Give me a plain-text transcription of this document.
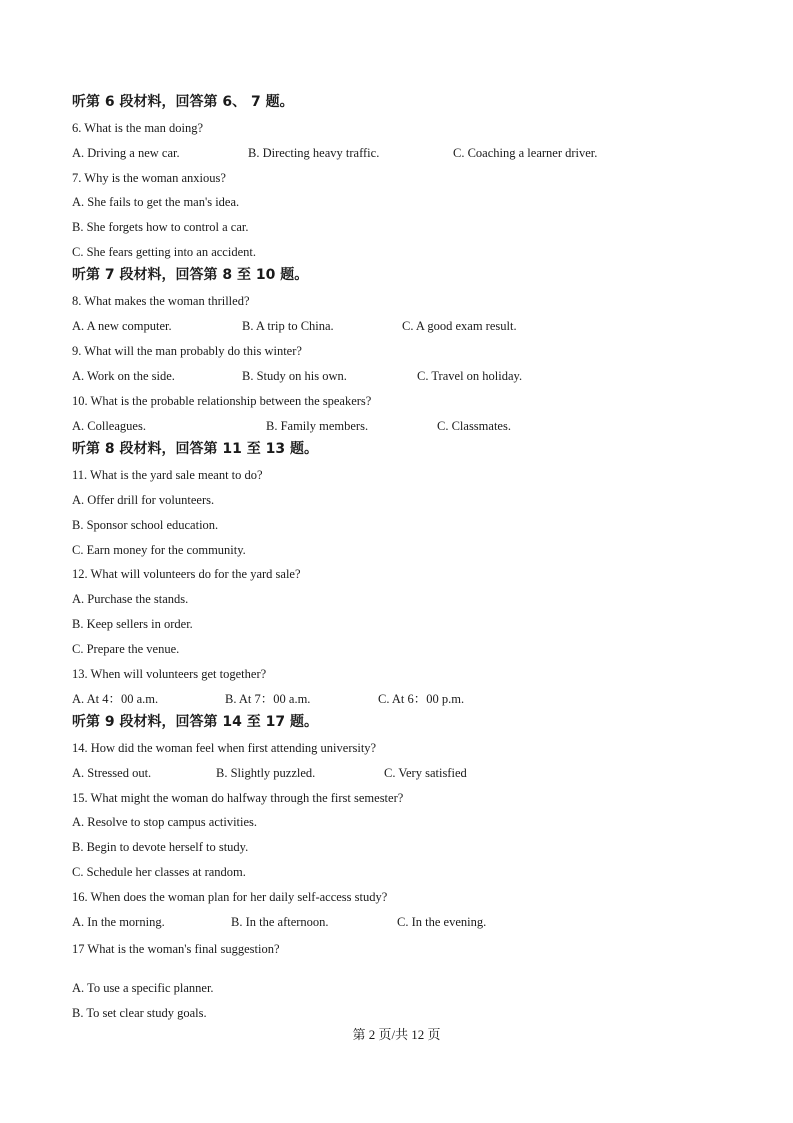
听第 6 段材料，回答第 6、 7 题。
6. What is the man doing?
A. Driving a new car.	B. Directing heavy traffic.	C. Coaching a learner driver.
7. Why is the woman anxious?
A. She fails to get the man's idea.
B. She forgets how to control a car.
C. She fears getting into an accident.
听第 7 段材料，回答第 8 至 10 题。
8. What makes the woman thrilled?
A. A new computer.	B. A trip to China.	C. A good exam result.
9. What will the man probably do this winter?
A. Work on the side.	B. Study on his own.	C. Travel on holiday.
10. What is the probable relationship between the speakers?
A. Colleagues.	B. Family members.	C. Classmates.
听第 8 段材料，回答第 11 至 13 题。
11. What is the yard sale meant to do?
A. Offer drill for volunteers.
B. Sponsor school education.
C. Earn money for the community.
12. What will volunteers do for the yard sale?
A. Purchase the stands.
B. Keep sellers in order.
C. Prepare the venue.
13. When will volunteers get together?
A. At 4：00 a.m.	B. At 7：00 a.m.	C. At 6：00 p.m.
听第 9 段材料，回答第 14 至 17 题。
14. How did the woman feel when first attending university?
A. Stressed out.	B. Slightly puzzled.	C. Very satisfied
15. What might the woman do halfway through the first semester?
A. Resolve to stop campus activities.
B. Begin to devote herself to study.
C. Schedule her classes at random.
16. When does the woman plan for her daily self-access study?
A. In the morning.	B. In the afternoon.	C. In the evening.
17 What is the woman's final suggestion?
A. To use a specific planner.
B. To set clear study goals.
第 2 页/共 12 页
